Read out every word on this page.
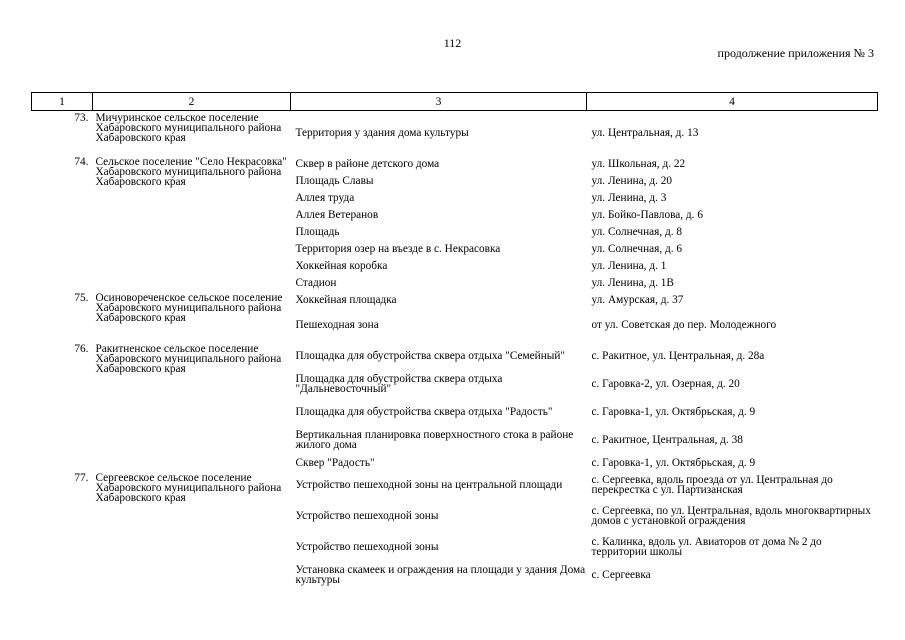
112
продолжение приложения № 3
1	2	3	4
73.	Мичуринское сельское поселение Хабаровского муниципального района Хабаровского края	Территория у здания дома культуры	ул. Центральная, д. 13
74.	Сельское поселение "Село Некрасовка" Хабаровского муниципального района Хабаровского края	Сквер в районе детского дома	ул. Школьная, д. 22
		Площадь Славы	ул. Ленина, д. 20
		Аллея труда	ул. Ленина, д. 3
		Аллея Ветеранов	ул. Бойко-Павлова, д. 6
		Площадь	ул. Солнечная, д. 8
		Территория озер на въезде в с. Некрасовка	ул. Солнечная, д. 6
		Хоккейная коробка	ул. Ленина, д. 1
		Стадион	ул. Ленина, д. 1В
75.	Осиновореченское сельское поселение Хабаровского муниципального района Хабаровского края	Хоккейная площадка	ул. Амурская, д. 37
		Пешеходная зона	от ул. Советская до пер. Молодежного
76.	Ракитненское сельское поселение Хабаровского муниципального района Хабаровского края	Площадка для обустройства сквера отдыха "Семейный"	с. Ракитное, ул. Центральная, д. 28а
		Площадка для обустройства сквера отдыха "Дальневосточный"	с. Гаровка-2, ул. Озерная, д. 20
		Площадка для обустройства сквера отдыха "Радость"	с. Гаровка-1, ул. Октябрьская, д. 9
		Вертикальная планировка поверхностного стока в районе жилого дома	с. Ракитное, Центральная, д. 38
		Сквер "Радость"	с. Гаровка-1, ул. Октябрьская, д. 9
77.	Сергеевское сельское поселение Хабаровского муниципального района Хабаровского края	Устройство пешеходной зоны на центральной площади	с. Сергеевка, вдоль проезда от ул. Центральная до перекрестка с ул. Партизанская
		Устройство пешеходной зоны	с. Сергеевка, по ул. Центральная, вдоль многоквартирных домов с установкой ограждения
		Устройство пешеходной зоны	с. Калинка, вдоль ул. Авиаторов от дома № 2 до территории школы
		Установка скамеек и ограждения на площади у здания Дома культуры	с. Сергеевка
